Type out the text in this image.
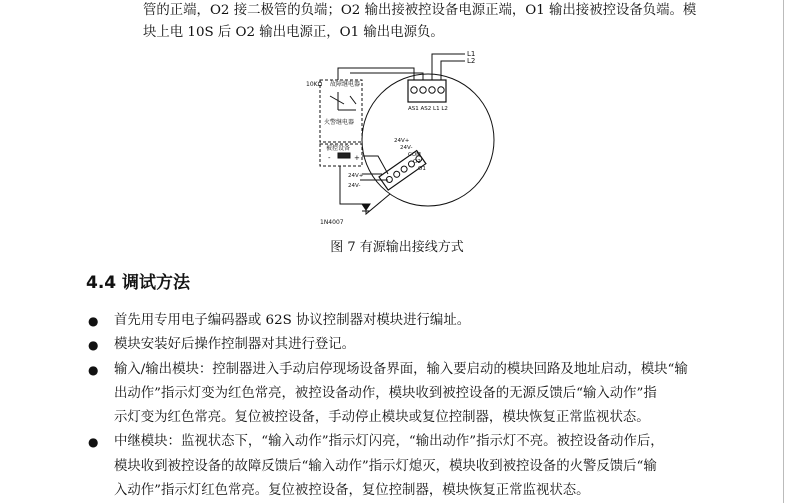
管的正端，O2 接二极管的负端；O2 输出接被控设备电源正端，O1 输出接被控设备负端。模

块上电 10S 后 O2 输出电源正，O1 输出电源负。

AS1 AS2 L1 L2
L1
L2
10KΩ 故障继电器
火警继电器
被控设备
-	+
24V+
24V-
COM
O2
O1
24V+
24V-
1N4007
图 7 有源输出接线方式
4.4 调试方法
● 首先用专用电子编码器或 62S 协议控制器对模块进行编址。
● 模块安装好后操作控制器对其进行登记。
● 输入/输出模块：控制器进入手动启停现场设备界面，输入要启动的模块回路及地址启动，模块“输
出动作”指示灯变为红色常亮，被控设备动作，模块收到被控设备的无源反馈后“输入动作”指
示灯变为红色常亮。复位被控设备，手动停止模块或复位控制器，模块恢复正常监视状态。
● 中继模块：监视状态下，“输入动作”指示灯闪亮，“输出动作”指示灯不亮。被控设备动作后，
模块收到被控设备的故障反馈后“输入动作”指示灯熄灭，模块收到被控设备的火警反馈后“输
入动作”指示灯红色常亮。复位被控设备，复位控制器，模块恢复正常监视状态。
